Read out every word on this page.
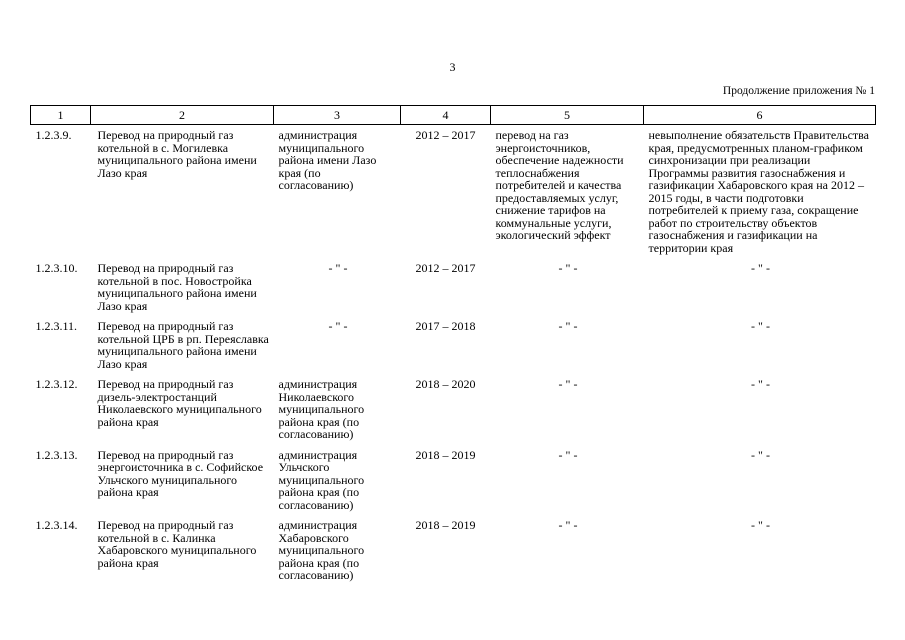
3
Продолжение приложения № 1
1	2	3	4	5	6
1.2.3.9.	Перевод на природный газ котельной в с. Могилевка муниципального района имени Лазо края	администрация муниципального района имени Лазо края (по согласованию)	2012 – 2017	перевод на газ энергоисточников, обеспечение надежности теплоснабжения потребителей и качества предоставляемых услуг, снижение тарифов на коммунальные услуги, экологический эффект	невыполнение обязательств Правительства края, предусмотренных планом-графиком синхронизации при реализации Программы развития газоснабжения и газификации Хабаровского края на 2012 – 2015 годы, в части подготовки потребителей к приему газа, сокращение работ по строительству объектов газоснабжения и газификации на территории края
1.2.3.10.	Перевод на природный газ котельной в пос. Новостройка муниципального района имени Лазо края	- " -	2012 – 2017	- " -	- " -
1.2.3.11.	Перевод на природный газ котельной ЦРБ в рп. Переяславка муниципального района имени Лазо края	- " -	2017 – 2018	- " -	- " -
1.2.3.12.	Перевод на природный газ дизель-электростанций Николаевского муниципального района края	администрация Николаевского муниципального района края (по согласованию)	2018 – 2020	- " -	- " -
1.2.3.13.	Перевод на природный газ энергоисточника в с. Софийское Ульчского муниципального района края	администрация Ульчского муниципального района края (по согласованию)	2018 – 2019	- " -	- " -
1.2.3.14.	Перевод на природный газ котельной в с. Калинка Хабаровского муниципального района края	администрация Хабаровского муниципального района края (по согласованию)	2018 – 2019	- " -	- " -
